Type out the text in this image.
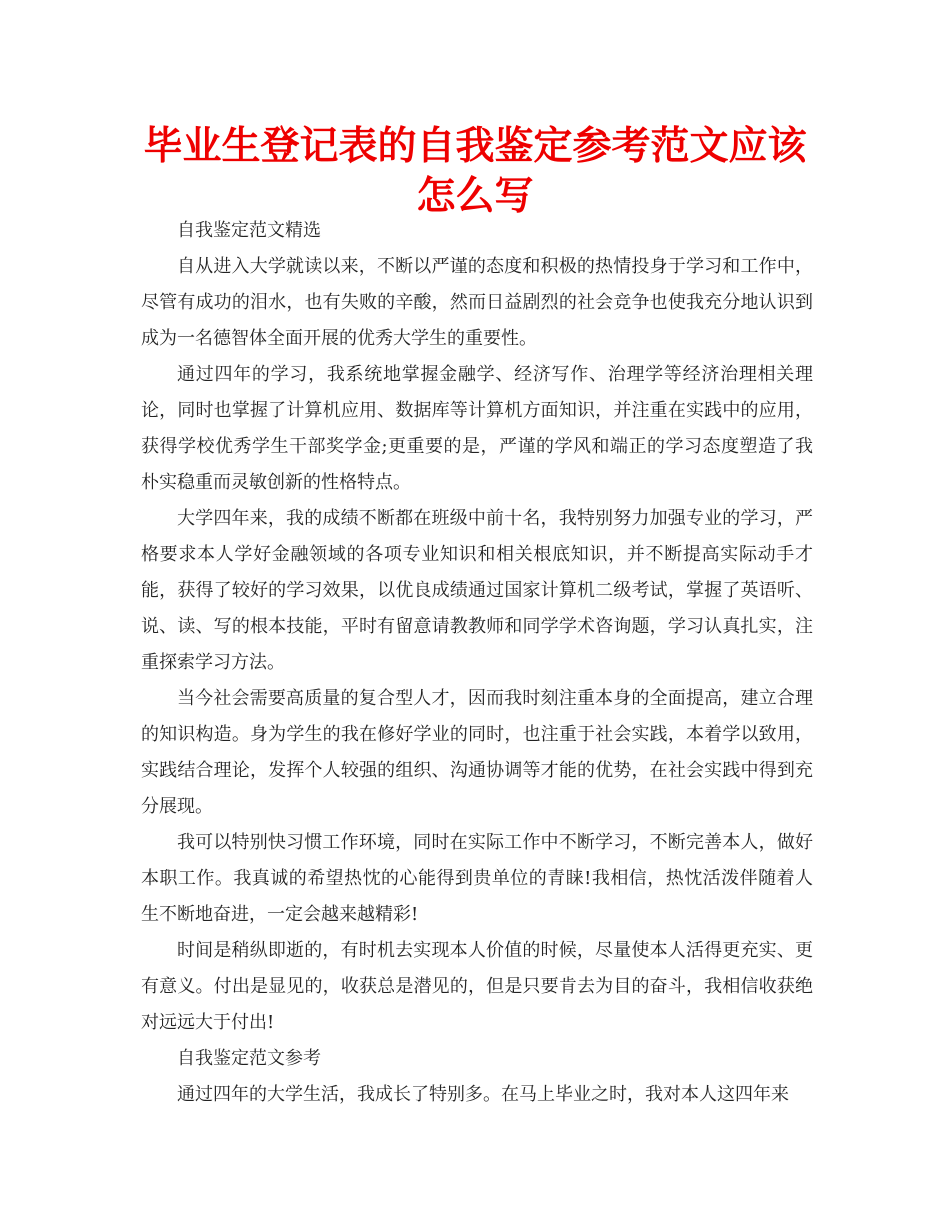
毕业生登记表的自我鉴定参考范文应该怎么写

自我鉴定范文精选

自从进入大学就读以来，不断以严谨的态度和积极的热情投身于学习和工作中，尽管有成功的泪水，也有失败的辛酸，然而日益剧烈的社会竞争也使我充分地认识到成为一名德智体全面开展的优秀大学生的重要性。

通过四年的学习，我系统地掌握金融学、经济写作、治理学等经济治理相关理论，同时也掌握了计算机应用、数据库等计算机方面知识，并注重在实践中的应用，获得学校优秀学生干部奖学金;更重要的是，严谨的学风和端正的学习态度塑造了我朴实稳重而灵敏创新的性格特点。

大学四年来，我的成绩不断都在班级中前十名，我特别努力加强专业的学习，严格要求本人学好金融领域的各项专业知识和相关根底知识，并不断提高实际动手才能，获得了较好的学习效果，以优良成绩通过国家计算机二级考试，掌握了英语听、说、读、写的根本技能，平时有留意请教教师和同学学术咨询题，学习认真扎实，注重探索学习方法。

当今社会需要高质量的复合型人才，因而我时刻注重本身的全面提高，建立合理的知识构造。身为学生的我在修好学业的同时，也注重于社会实践，本着学以致用，实践结合理论，发挥个人较强的组织、沟通协调等才能的优势，在社会实践中得到充分展现。

我可以特别快习惯工作环境，同时在实际工作中不断学习，不断完善本人，做好本职工作。我真诚的希望热忱的心能得到贵单位的青睐!我相信，热忱活泼伴随着人生不断地奋进，一定会越来越精彩!

时间是稍纵即逝的，有时机去实现本人价值的时候，尽量使本人活得更充实、更有意义。付出是显见的，收获总是潜见的，但是只要肯去为目的奋斗，我相信收获绝对远远大于付出!

自我鉴定范文参考

通过四年的大学生活，我成长了特别多。在马上毕业之时，我对本人这四年来
